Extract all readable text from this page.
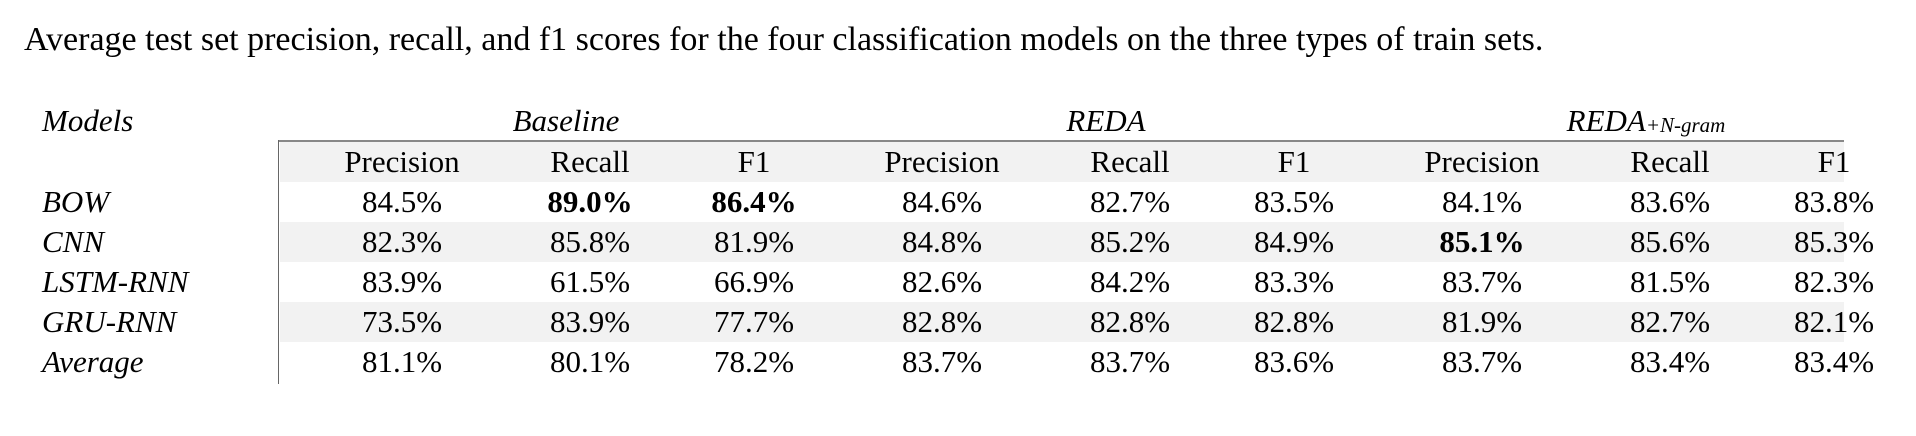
Average test set precision, recall, and f1 scores for the four classification models on the three types of train sets.
Models	Baseline	REDA	REDA+N-gram
Precision	Recall	F1	Precision	Recall	F1	Precision	Recall	F1
BOW	84.5%	89.0%	86.4%	84.6%	82.7%	83.5%	84.1%	83.6%	83.8%
CNN	82.3%	85.8%	81.9%	84.8%	85.2%	84.9%	85.1%	85.6%	85.3%
LSTM-RNN	83.9%	61.5%	66.9%	82.6%	84.2%	83.3%	83.7%	81.5%	82.3%
GRU-RNN	73.5%	83.9%	77.7%	82.8%	82.8%	82.8%	81.9%	82.7%	82.1%
Average	81.1%	80.1%	78.2%	83.7%	83.7%	83.6%	83.7%	83.4%	83.4%
